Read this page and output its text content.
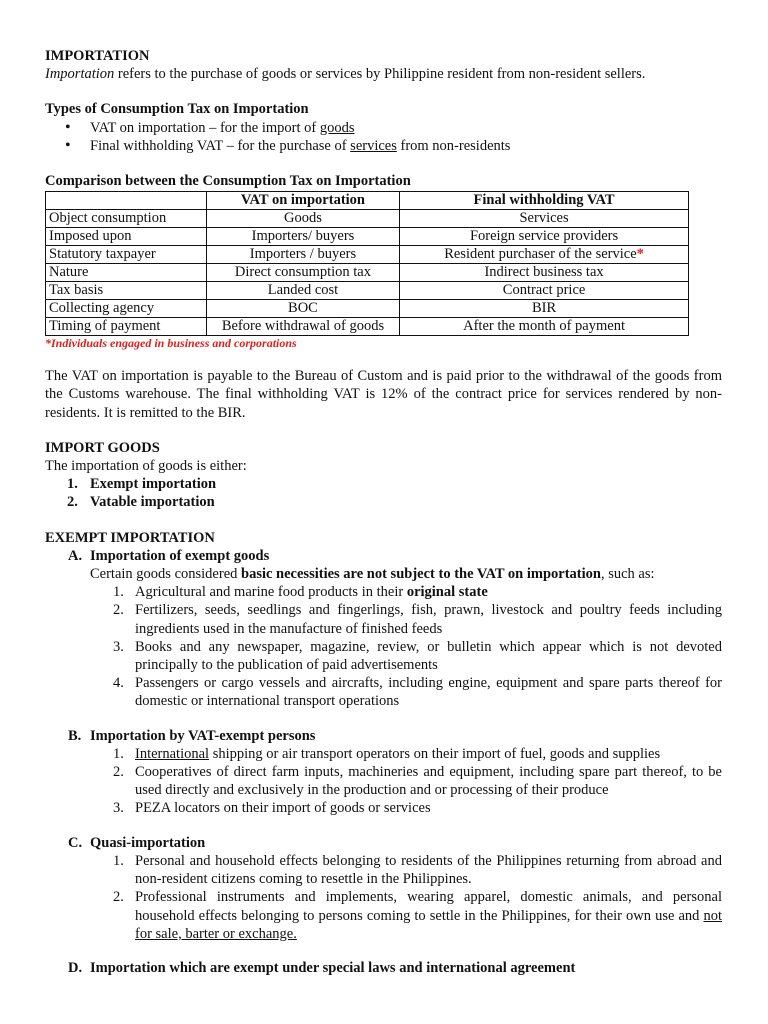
IMPORTATION

Importation refers to the purchase of goods or services by Philippine resident from non-resident sellers.

Types of Consumption Tax on Importation

• VAT on importation – for the import of goods
• Final withholding VAT – for the purchase of services from non-residents

Comparison between the Consumption Tax on Importation

	VAT on importation	Final withholding VAT
Object consumption	Goods	Services
Imposed upon	Importers/ buyers	Foreign service providers
Statutory taxpayer	Importers / buyers	Resident purchaser of the service*
Nature	Direct consumption tax	Indirect business tax
Tax basis	Landed cost	Contract price
Collecting agency	BOC	BIR
Timing of payment	Before withdrawal of goods	After the month of payment

*Individuals engaged in business and corporations

The VAT on importation is payable to the Bureau of Custom and is paid prior to the withdrawal of the goods from the Customs warehouse. The final withholding VAT is 12% of the contract price for services rendered by non-residents. It is remitted to the BIR.

IMPORT GOODS

The importation of goods is either:

1. Exempt importation
2. Vatable importation

EXEMPT IMPORTATION

A. Importation of exempt goods

Certain goods considered basic necessities are not subject to the VAT on importation, such as:

1. Agricultural and marine food products in their original state
2. Fertilizers, seeds, seedlings and fingerlings, fish, prawn, livestock and poultry feeds including ingredients used in the manufacture of finished feeds
3. Books and any newspaper, magazine, review, or bulletin which appear which is not devoted principally to the publication of paid advertisements
4. Passengers or cargo vessels and aircrafts, including engine, equipment and spare parts thereof for domestic or international transport operations
B. Importation by VAT-exempt persons
1. International shipping or air transport operators on their import of fuel, goods and supplies
2. Cooperatives of direct farm inputs, machineries and equipment, including spare part thereof, to be used directly and exclusively in the production and or processing of their produce
3. PEZA locators on their import of goods or services
C. Quasi-importation
1. Personal and household effects belonging to residents of the Philippines returning from abroad and non-resident citizens coming to resettle in the Philippines.
2. Professional instruments and implements, wearing apparel, domestic animals, and personal household effects belonging to persons coming to settle in the Philippines, for their own use and not for sale, barter or exchange.
D. Importation which are exempt under special laws and international agreement
